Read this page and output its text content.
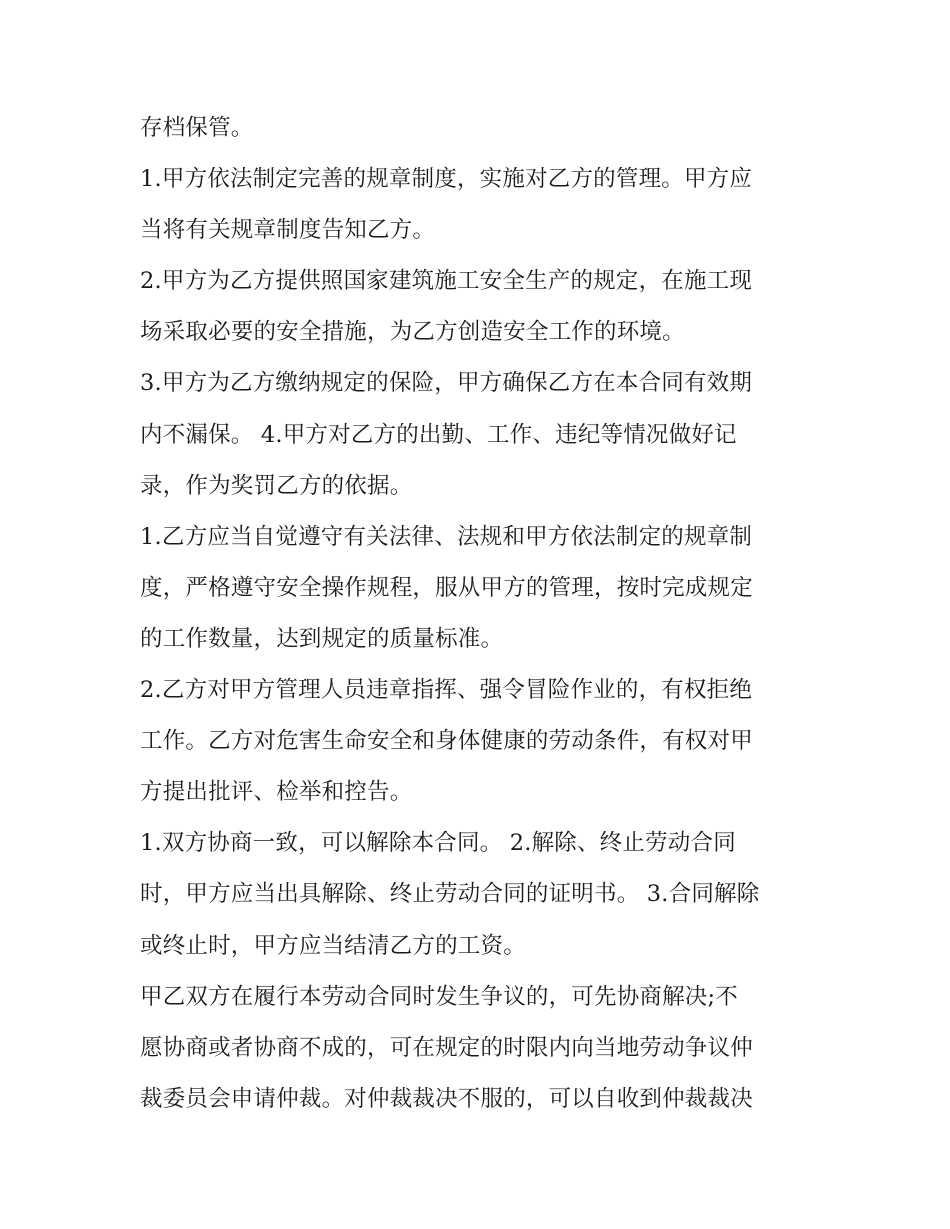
存档保管。
1.甲方依法制定完善的规章制度，实施对乙方的管理。甲方应
当将有关规章制度告知乙方。
2.甲方为乙方提供照国家建筑施工安全生产的规定，在施工现
场采取必要的安全措施，为乙方创造安全工作的环境。
3.甲方为乙方缴纳规定的保险，甲方确保乙方在本合同有效期
内不漏保。 4.甲方对乙方的出勤、工作、违纪等情况做好记
录，作为奖罚乙方的依据。
1.乙方应当自觉遵守有关法律、法规和甲方依法制定的规章制
度，严格遵守安全操作规程，服从甲方的管理，按时完成规定
的工作数量，达到规定的质量标准。
2.乙方对甲方管理人员违章指挥、强令冒险作业的，有权拒绝
工作。乙方对危害生命安全和身体健康的劳动条件，有权对甲
方提出批评、检举和控告。
1.双方协商一致，可以解除本合同。 2.解除、终止劳动合同
时，甲方应当出具解除、终止劳动合同的证明书。 3.合同解除
或终止时，甲方应当结清乙方的工资。
甲乙双方在履行本劳动合同时发生争议的，可先协商解决;不
愿协商或者协商不成的，可在规定的时限内向当地劳动争议仲
裁委员会申请仲裁。对仲裁裁决不服的，可以自收到仲裁裁决
